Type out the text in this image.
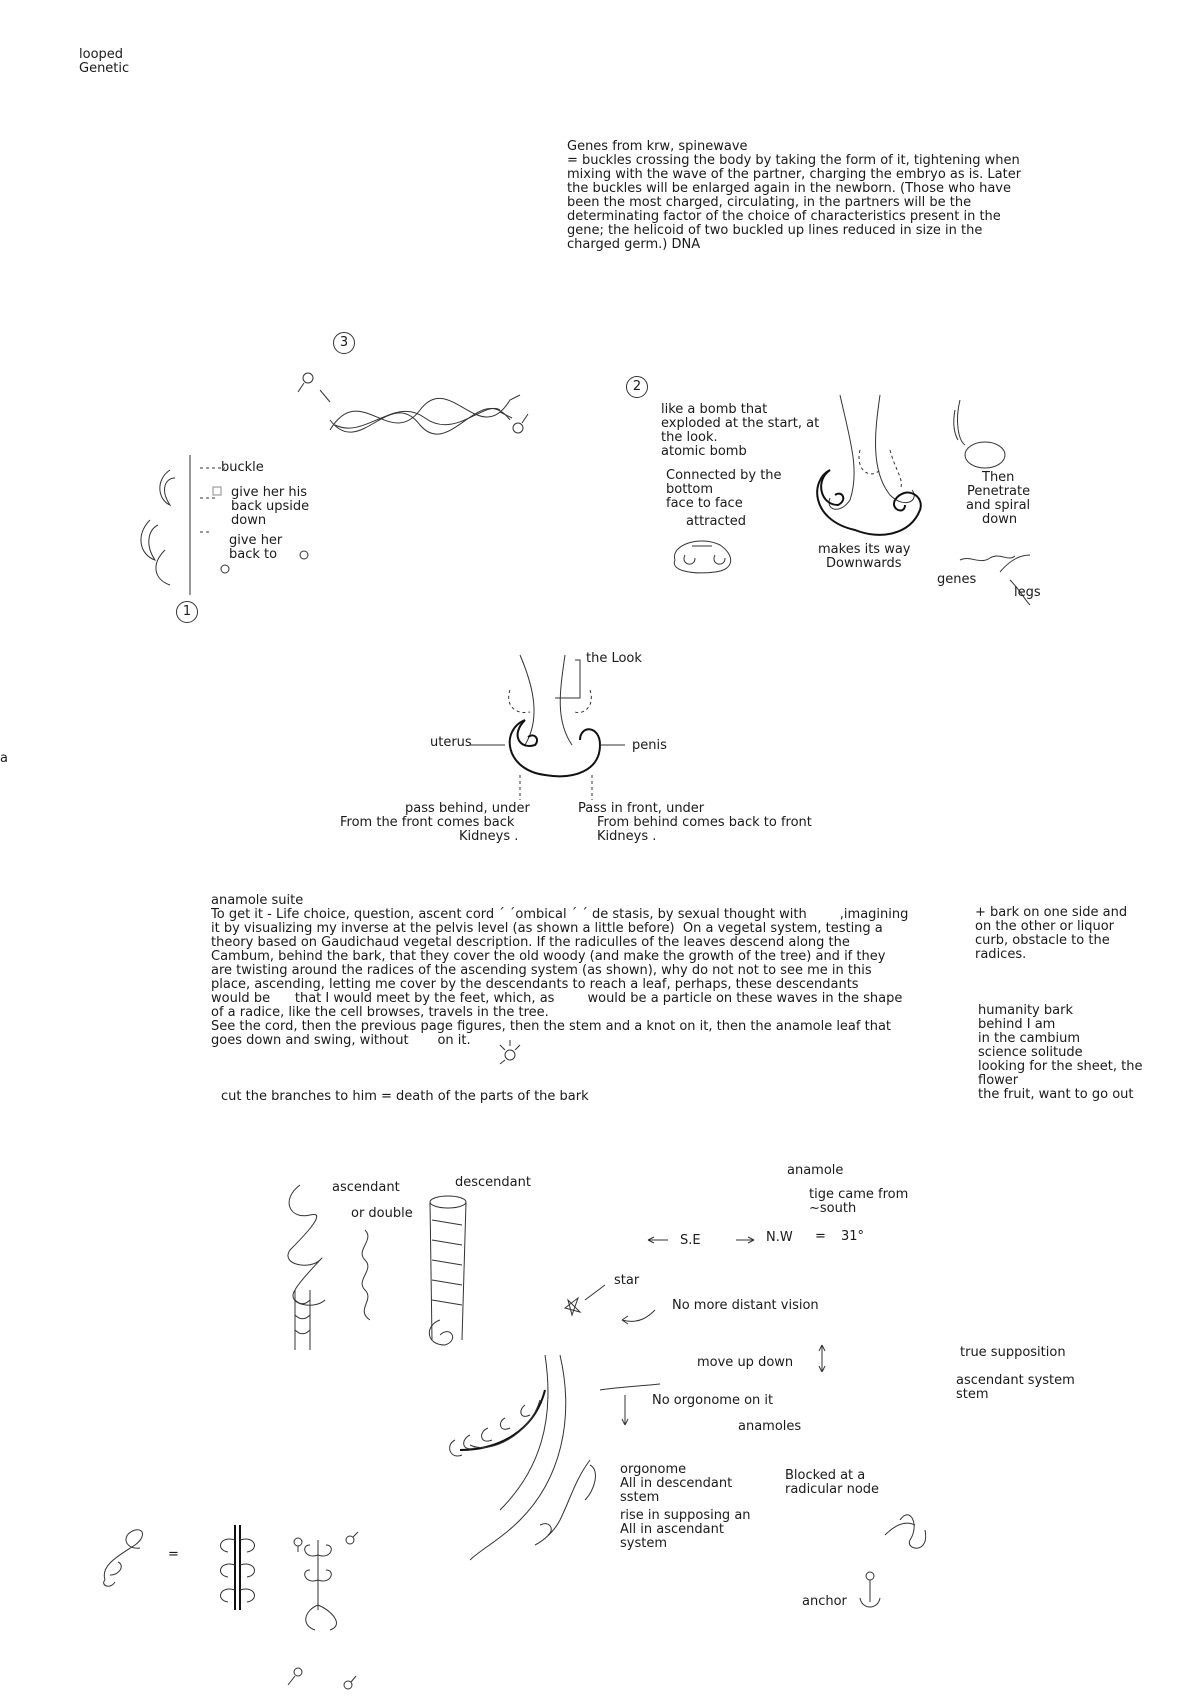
looped
Genetic
Genes from krw, spinewave
= buckles crossing the body by taking the form of it, tightening when mixing with the wave of the partner, charging the embryo as is. Later the buckles will be enlarged again in the newborn. (Those who have been the most charged, circulating, in the partners will be the determinating factor of the choice of characteristics present in the gene; the helicoid of two buckled up lines reduced in size in the charged germ.) DNA
3
buckle
give her his
back upside
down
give her
back to
1
2
like a bomb that
exploded at the start, at
the look.
atomic bomb
Connected by the
bottom
face to face
attracted
makes its way
Downwards
Then
Penetrate
and spiral
down
genes
legs
the Look
uterus	penis
pass behind, under
From the front comes back
Kidneys .
Pass in front, under
From behind comes back to front
Kidneys .
a
anamole suite
To get it - Life choice, question, ascent cord ´ ´ombical ´ ´ de stasis, by sexual thought with        ,imagining
it by visualizing my inverse at the pelvis level (as shown a little before)  On a vegetal system, testing a
theory based on Gaudichaud vegetal description. If the radiculles of the leaves descend along the
Cambum, behind the bark, that they cover the old woody (and make the growth of the tree) and if they
are twisting around the radices of the ascending system (as shown), why do not not to see me in this
place, ascending, letting me cover by the descendants to reach a leaf, perhaps, these descendants
would be      that I would meet by the feet, which, as        would be a particle on these waves in the shape
of a radice, like the cell browses, travels in the tree.
See the cord, then the previous page figures, then the stem and a knot on it, then the anamole leaf that
goes down and swing, without       on it.
cut the branches to him = death of the parts of the bark
+ bark on one side and
on the other or liquor
curb, obstacle to the
radices.
humanity bark
behind I am
in the cambium
science solitude
looking for the sheet, the
flower
the fruit, want to go out
ascendant
or double
descendant
anamole
tige came from
~south
S.E	N.W = 31°
star
No more distant vision
move up down
true supposition
ascendant system
stem
No orgonome on it
anamoles
orgonome
All in descendant
sstem
rise in supposing an
All in ascendant
system
Blocked at a
radicular node
anchor
=
